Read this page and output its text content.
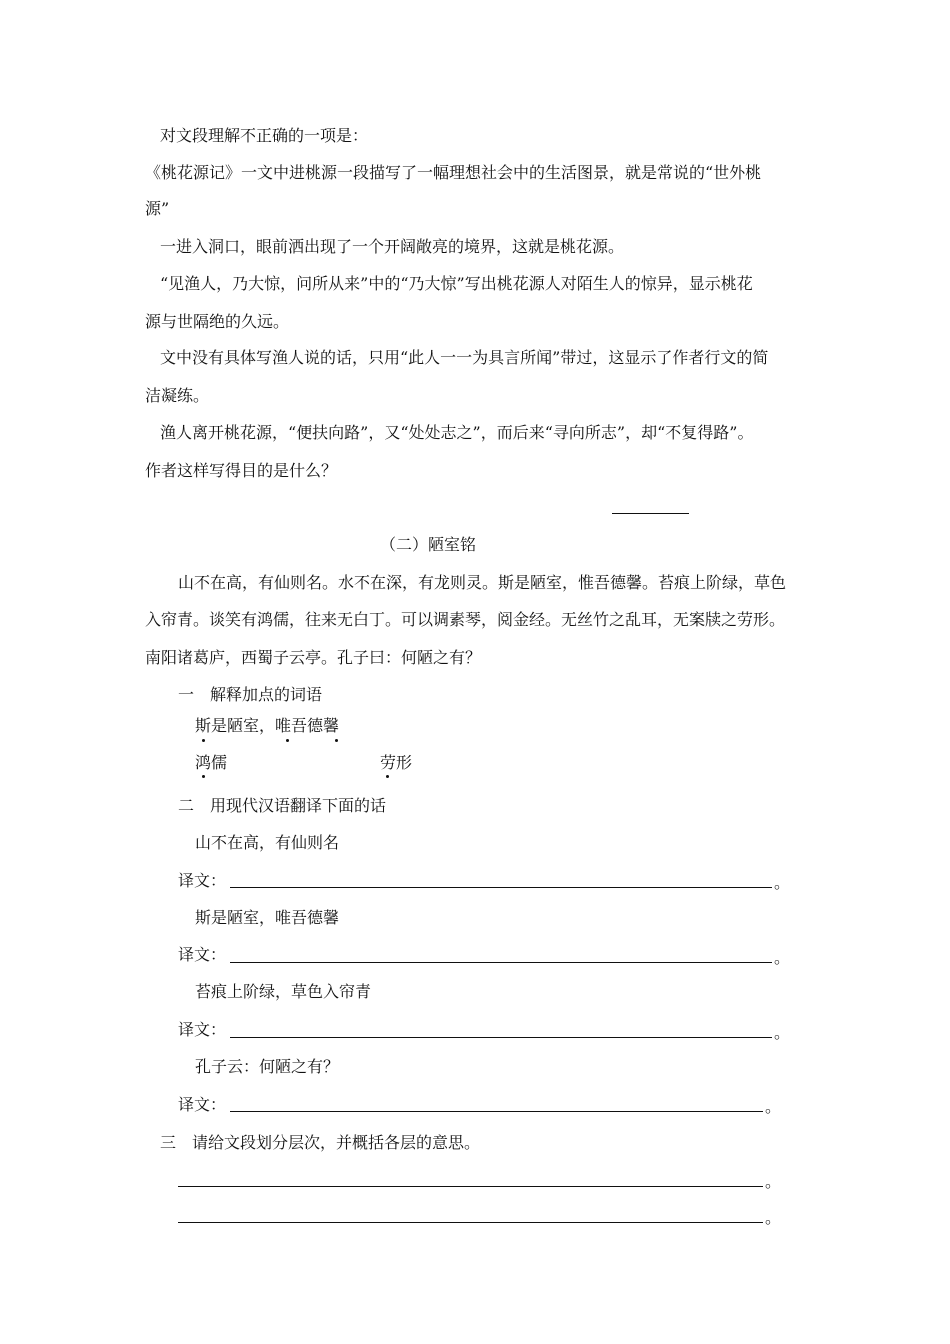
对文段理解不正确的一项是：
《桃花源记》一文中进桃源一段描写了一幅理想社会中的生活图景，就是常说的“世外桃
源”
一进入洞口，眼前洒出现了一个开阔敞亮的境界，这就是桃花源。
“见渔人，乃大惊，问所从来”中的“乃大惊”写出桃花源人对陌生人的惊异，显示桃花
源与世隔绝的久远。
文中没有具体写渔人说的话，只用“此人一一为具言所闻”带过，这显示了作者行文的简
洁凝练。
渔人离开桃花源，“便扶向路”，又“处处志之”，而后来“寻向所志”，却“不复得路”。
作者这样写得目的是什么？
（二）陋室铭
山不在高，有仙则名。水不在深，有龙则灵。斯是陋室，惟吾德馨。苔痕上阶绿，草色
入帘青。谈笑有鸿儒，往来无白丁。可以调素琴，阅金经。无丝竹之乱耳，无案牍之劳形。
南阳诸葛庐，西蜀子云亭。孔子曰：何陋之有？
一　解释加点的词语
斯是陋室，唯吾德馨
鸿儒	劳形
二　用现代汉语翻译下面的话
山不在高，有仙则名
译文：	。
斯是陋室，唯吾德馨
译文：	。
苔痕上阶绿，草色入帘青
译文：	。
孔子云：何陋之有？
译文：	。
三　请给文段划分层次，并概括各层的意思。
。
。
